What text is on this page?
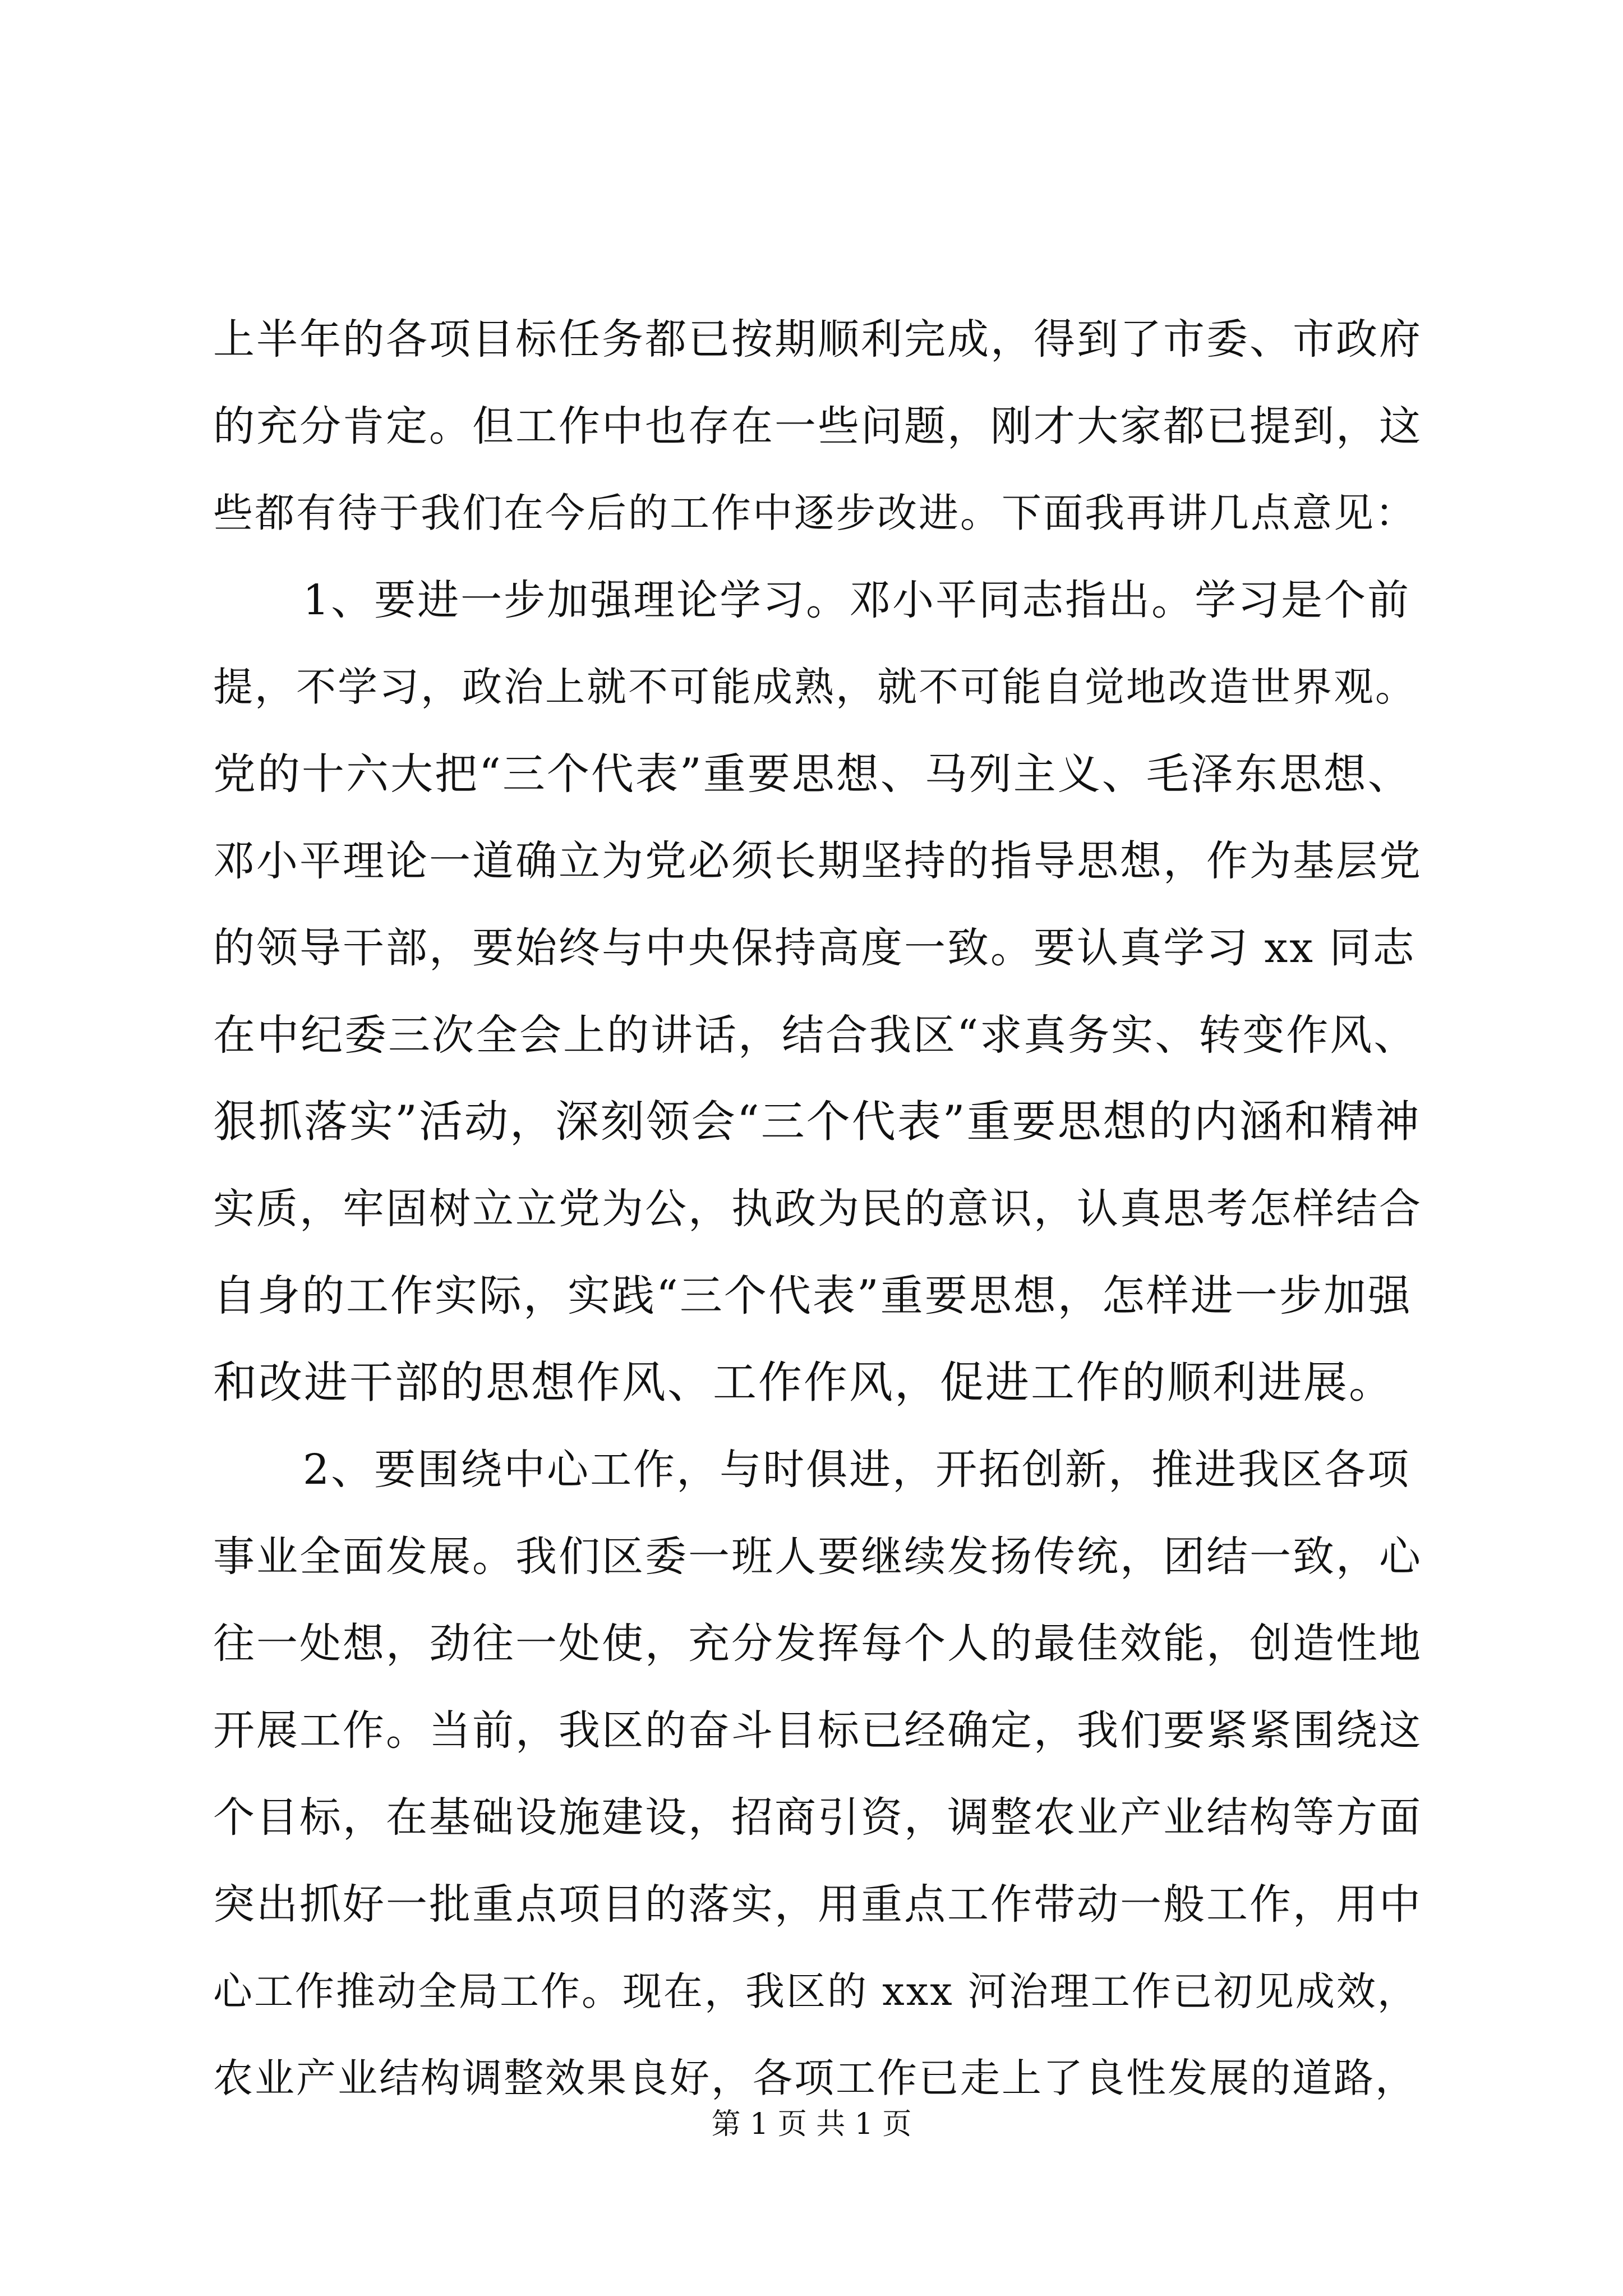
上半年的各项目标任务都已按期顺利完成，得到了市委、市政府
的充分肯定。但工作中也存在一些问题，刚才大家都已提到，这
些都有待于我们在今后的工作中逐步改进。下面我再讲几点意见：
1、要进一步加强理论学习。邓小平同志指出。学习是个前
提，不学习，政治上就不可能成熟，就不可能自觉地改造世界观。
党的十六大把“三个代表”重要思想、马列主义、毛泽东思想、
邓小平理论一道确立为党必须长期坚持的指导思想，作为基层党
的领导干部，要始终与中央保持高度一致。要认真学习 xx 同志
在中纪委三次全会上的讲话，结合我区“求真务实、转变作风、
狠抓落实”活动，深刻领会“三个代表”重要思想的内涵和精神
实质，牢固树立立党为公，执政为民的意识，认真思考怎样结合
自身的工作实际，实践“三个代表”重要思想，怎样进一步加强
和改进干部的思想作风、工作作风，促进工作的顺利进展。
2、要围绕中心工作，与时俱进，开拓创新，推进我区各项
事业全面发展。我们区委一班人要继续发扬传统，团结一致，心
往一处想，劲往一处使，充分发挥每个人的最佳效能，创造性地
开展工作。当前，我区的奋斗目标已经确定，我们要紧紧围绕这
个目标，在基础设施建设，招商引资，调整农业产业结构等方面
突出抓好一批重点项目的落实，用重点工作带动一般工作，用中
心工作推动全局工作。现在，我区的 xxx 河治理工作已初见成效，
农业产业结构调整效果良好，各项工作已走上了良性发展的道路，
第 1 页 共 1 页
